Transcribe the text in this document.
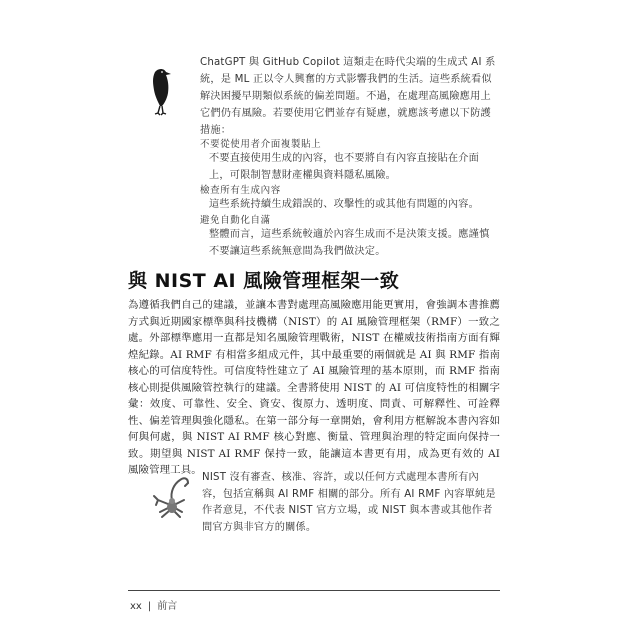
ChatGPT 與 GitHub Copilot 這類走在時代尖端的生成式 AI 系統，是 ML 正以令人興奮的方式影響我們的生活。這些系統看似解決困擾早期類似系統的偏差問題。不過，在處理高風險應用上它們仍有風險。若要使用它們並存有疑慮，就應該考慮以下防護措施：
不要從使用者介面複製貼上
不要直接使用生成的內容，也不要將自有內容直接貼在介面上，可限制智慧財產權與資料隱私風險。
檢查所有生成內容
這些系統持續生成錯誤的、攻擊性的或其他有問題的內容。
避免自動化自滿
整體而言，這些系統較適於內容生成而不是決策支援。應謹慎不要讓這些系統無意間為我們做決定。
與 NIST AI 風險管理框架一致
為遵循我們自己的建議，並讓本書對處理高風險應用能更實用，會強調本書推薦方式與近期國家標準與科技機構（NIST）的 AI 風險管理框架（RMF）一致之處。外部標準應用一直都是知名風險管理戰術，NIST 在權威技術指南方面有輝煌紀錄。AI RMF 有相當多組成元件，其中最重要的兩個就是 AI 與 RMF 指南核心的可信度特性。可信度特性建立了 AI 風險管理的基本原則，而 RMF 指南核心則提供風險管控執行的建議。全書將使用 NIST 的 AI 可信度特性的相關字彙：效度、可靠性、安全、資安、復原力、透明度、問責、可解釋性、可詮釋性、偏差管理與強化隱私。在第一部分每一章開始，會利用方框解說本書內容如何與何處，與 NIST AI RMF 核心對應、衡量、管理與治理的特定面向保持一致。期望與 NIST AI RMF 保持一致，能讓這本書更有用，成為更有效的 AI 風險管理工具。
NIST 沒有審查、核准、容許，或以任何方式處理本書所有內容，包括宣稱與 AI RMF 相關的部分。所有 AI RMF 內容單純是作者意見，不代表 NIST 官方立場，或 NIST 與本書或其他作者間官方與非官方的關係。
xx | 前言
